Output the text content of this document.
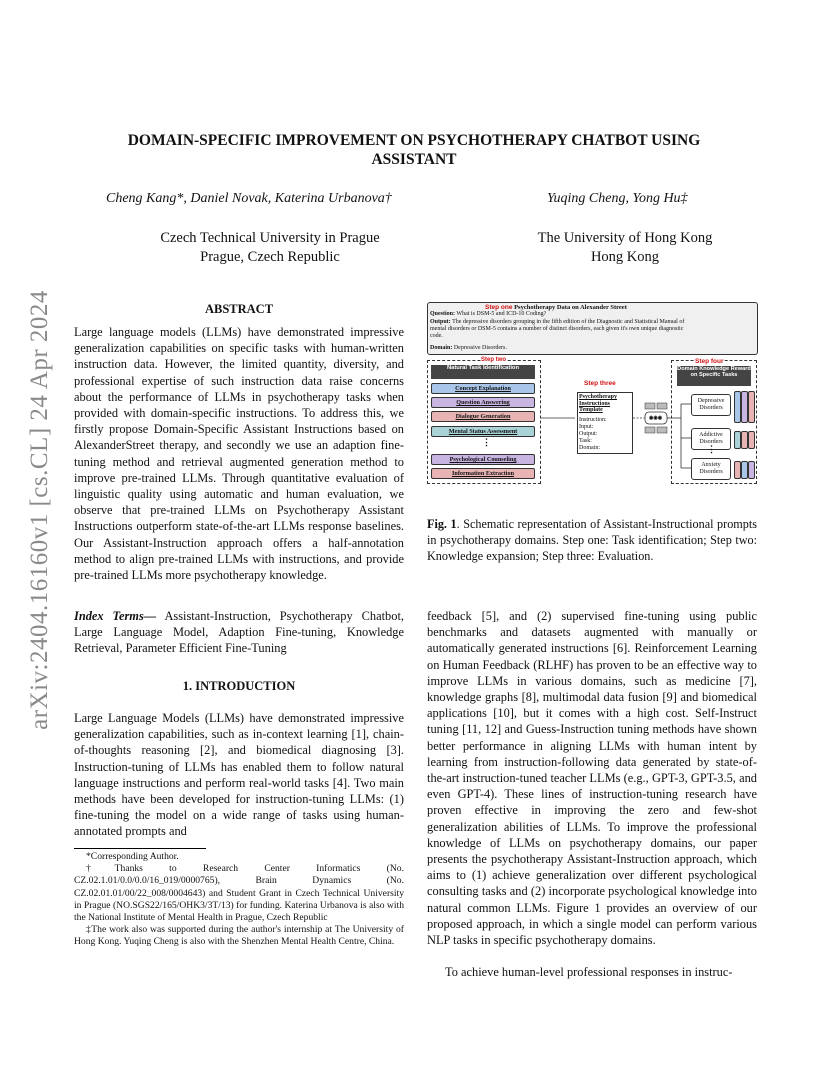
arXiv:2404.16160v1 [cs.CL] 24 Apr 2024
DOMAIN-SPECIFIC IMPROVEMENT ON PSYCHOTHERAPY CHATBOT USING
ASSISTANT
Cheng Kang*, Daniel Novak, Katerina Urbanova†	Yuqing Cheng, Yong Hu‡
Czech Technical University in Prague
Prague, Czech Republic
The University of Hong Kong
Hong Kong
ABSTRACT
Large language models (LLMs) have demonstrated impressive generalization capabilities on specific tasks with human-written instruction data. However, the limited quantity, diversity, and professional expertise of such instruction data raise concerns about the performance of LLMs in psychotherapy tasks when provided with domain-specific instructions. To address this, we firstly propose Domain-Specific Assistant Instructions based on AlexanderStreet therapy, and secondly we use an adaption fine-tuning method and retrieval augmented generation method to improve pre-trained LLMs. Through quantitative evaluation of linguistic quality using automatic and human evaluation, we observe that pre-trained LLMs on Psychotherapy Assistant Instructions outperform state-of-the-art LLMs response baselines. Our Assistant-Instruction approach offers a half-annotation method to align pre-trained LLMs with instructions, and provide pre-trained LLMs more psychotherapy knowledge.
Index Terms— Assistant-Instruction, Psychotherapy Chatbot, Large Language Model, Adaption Fine-tuning, Knowledge Retrieval, Parameter Efficient Fine-Tuning
1. INTRODUCTION
Large Language Models (LLMs) have demonstrated impressive generalization capabilities, such as in-context learning [1], chain-of-thoughts reasoning [2], and biomedical diagnosing [3]. Instruction-tuning of LLMs has enabled them to follow natural language instructions and perform real-world tasks [4]. Two main methods have been developed for instruction-tuning LLMs: (1) fine-tuning the model on a wide range of tasks using human-annotated prompts and
*Corresponding Author.
†Thanks to Research Center Informatics (No. CZ.02.1.01/0.0/0.0/16_019/0000765), Brain Dynamics (No. CZ.02.01.01/00/22_008/0004643) and Student Grant in Czech Technical University in Prague (NO.SGS22/165/OHK3/3T/13) for funding. Katerina Urbanova is also with the National Institute of Mental Health in Prague, Czech Republic
‡The work also was supported during the author's internship at The University of Hong Kong. Yuqing Cheng is also with the Shenzhen Mental Health Centre, China.
Step one Psychotherapy Data on Alexander Street
Question: What is DSM-5 and ICD-10 Coding?
Output: The depressive disorders grouping in the fifth edition of the Diagnostic and Statistical Manual of
mental disorders or DSM-5 contains a number of distinct disorders, each given it's own unique diagnostic
code.
Domain: Depressive Disorders.
Step two
Natural Task Identification
Concept Explanation
Question Answering
Dialogue Generation
Mental Status Assessment
⋮
Psychological Counseling
Information Extraction
◉◉◉
Step three
Psychotherapy Instructions Template
Instruction:
Input:
Output:
Task:
Domain:
Step four
Domain Knowledge Reward on Specific Tasks
Depressive Disorders
Addictive Disorders
Anxiety Disorders
⋮
Fig. 1. Schematic representation of Assistant-Instructional prompts in psychotherapy domains. Step one: Task identification; Step two: Knowledge expansion; Step three: Evaluation.
feedback [5], and (2) supervised fine-tuning using public benchmarks and datasets augmented with manually or automatically generated instructions [6]. Reinforcement Learning on Human Feedback (RLHF) has proven to be an effective way to improve LLMs in various domains, such as medicine [7], knowledge graphs [8], multimodal data fusion [9] and biomedical applications [10], but it comes with a high cost. Self-Instruct tuning [11, 12] and Guess-Instruction tuning methods have shown better performance in aligning LLMs with human intent by learning from instruction-following data generated by state-of-the-art instruction-tuned teacher LLMs (e.g., GPT-3, GPT-3.5, and even GPT-4). These lines of instruction-tuning research have proven effective in improving the zero and few-shot generalization abilities of LLMs. To improve the professional knowledge of LLMs on psychotherapy domains, our paper presents the psychotherapy Assistant-Instruction approach, which aims to (1) achieve generalization over different psychological consulting tasks and (2) incorporate psychological knowledge into natural common LLMs. Figure 1 provides an overview of our proposed approach, in which a single model can perform various NLP tasks in specific psychotherapy domains.
To achieve human-level professional responses in instruc-
